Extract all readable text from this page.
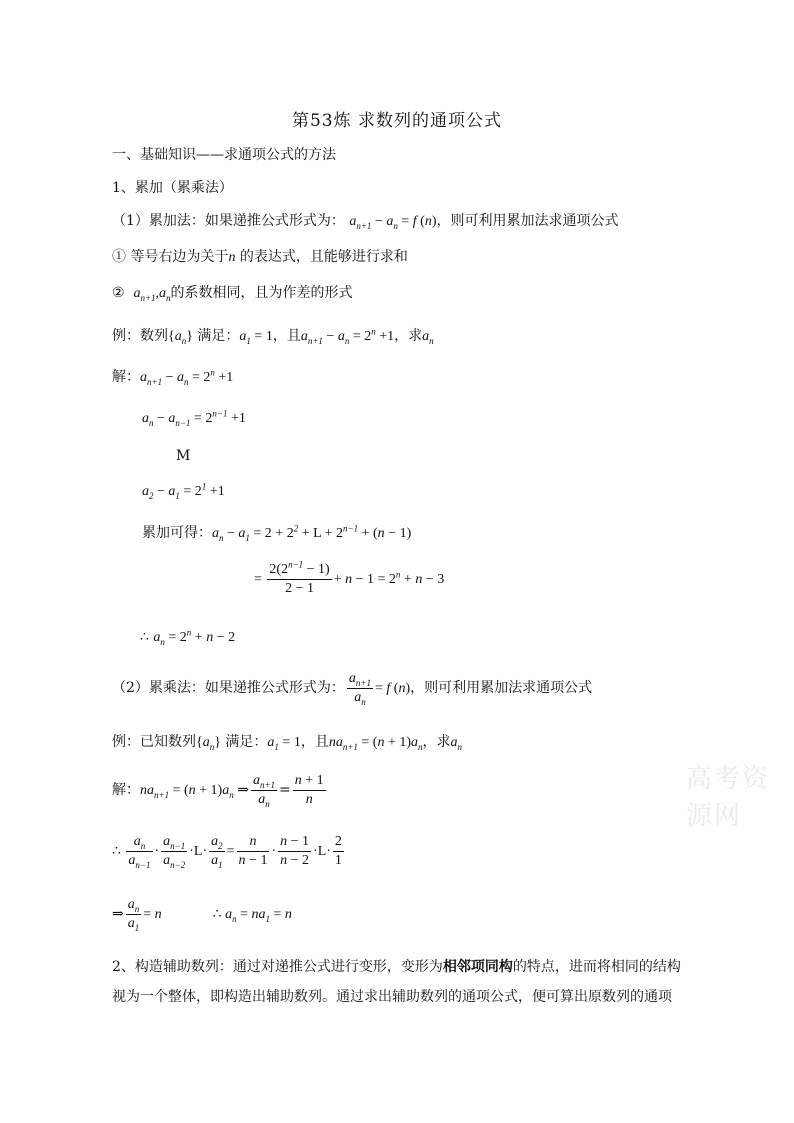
第53炼 求数列的通项公式
一、基础知识——求通项公式的方法
1、累加（累乘法）
（1）累加法：如果递推公式形式为： $a_{n+1} - a_n = f$ (n)，则可利用累加法求通项公式
① 等号右边为关于n 的表达式，且能够进行求和
② $a_{n+1},a_n$的系数相同，且为作差的形式
例：数列$\{a_n\}$ 满足：$a_1 = 1$，且$a_{n+1} - a_n = 2^n +1$，求$a_n$
解：$a_{n+1} - a_n = 2^n +1$
$a_n - a_{n-1} = 2^{n-1} +1$
M
$a_2 - a_1 = 2^1 +1$
累加可得：$a_n - a_1 = 2 + 2^2 + L + 2^{n-1} + (n - 1)$
= $\frac{2(2^{n-1} - 1)}{2 - 1} + n - 1 = 2^n + n - 3$
∴ $a_n = 2^n + n - 2$
（2）累乘法：如果递推公式形式为： $\frac{a_{n+1}}{a_n} = f$ (n)，则可利用累加法求通项公式
例：已知数列$\{a_n\}$ 满足：$a_1 = 1$，且$na_{n+1} = (n + 1)a_n$，求$a_n$
解：$na_{n+1} = (n + 1)a_n$ ⇒ $\frac{a_{n+1}}{a_n} = \frac{n + 1}{n}$
∴ $\frac{a_n}{a_{n-1}} \cdot \frac{a_{n-1}}{a_{n-2}} \cdot L\cdot \frac{a_2}{a_1} = \frac{n}{n - 1} \cdot \frac{n - 1}{n - 2} \cdot L\cdot \frac{2}{1}$
⇒ $\frac{a_n}{a_1} = n$	∴ $a_n = na_1 = n$
高考资源网
2、构造辅助数列：通过对递推公式进行变形，变形为相邻项同构的特点，进而将相同的结构视为一个整体，即构造出辅助数列。通过求出辅助数列的通项公式，便可算出原数列的通项
